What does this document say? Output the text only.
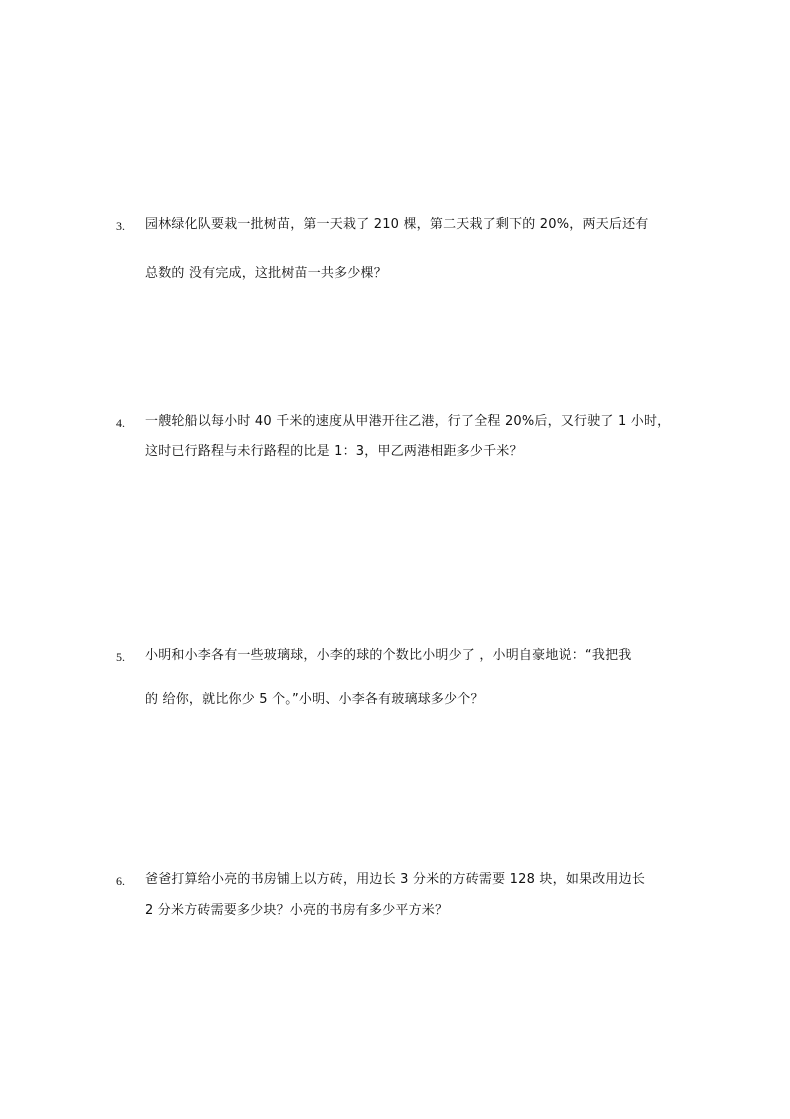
3. 园林绿化队要栽一批树苗，第一天栽了 210 棵，第二天栽了剩下的 20%，两天后还有
总数的 没有完成，这批树苗一共多少棵？
4. 一艘轮船以每小时 40 千米的速度从甲港开往乙港，行了全程 20%后，又行驶了 1 小时，
这时已行路程与未行路程的比是 1：3，甲乙两港相距多少千米？
5. 小明和小李各有一些玻璃球，小李的球的个数比小明少了 ，小明自豪地说：“我把我
的 给你，就比你少 5 个。”小明、小李各有玻璃球多少个？
6. 爸爸打算给小亮的书房铺上以方砖，用边长 3 分米的方砖需要 128 块，如果改用边长
2 分米方砖需要多少块？小亮的书房有多少平方米？
